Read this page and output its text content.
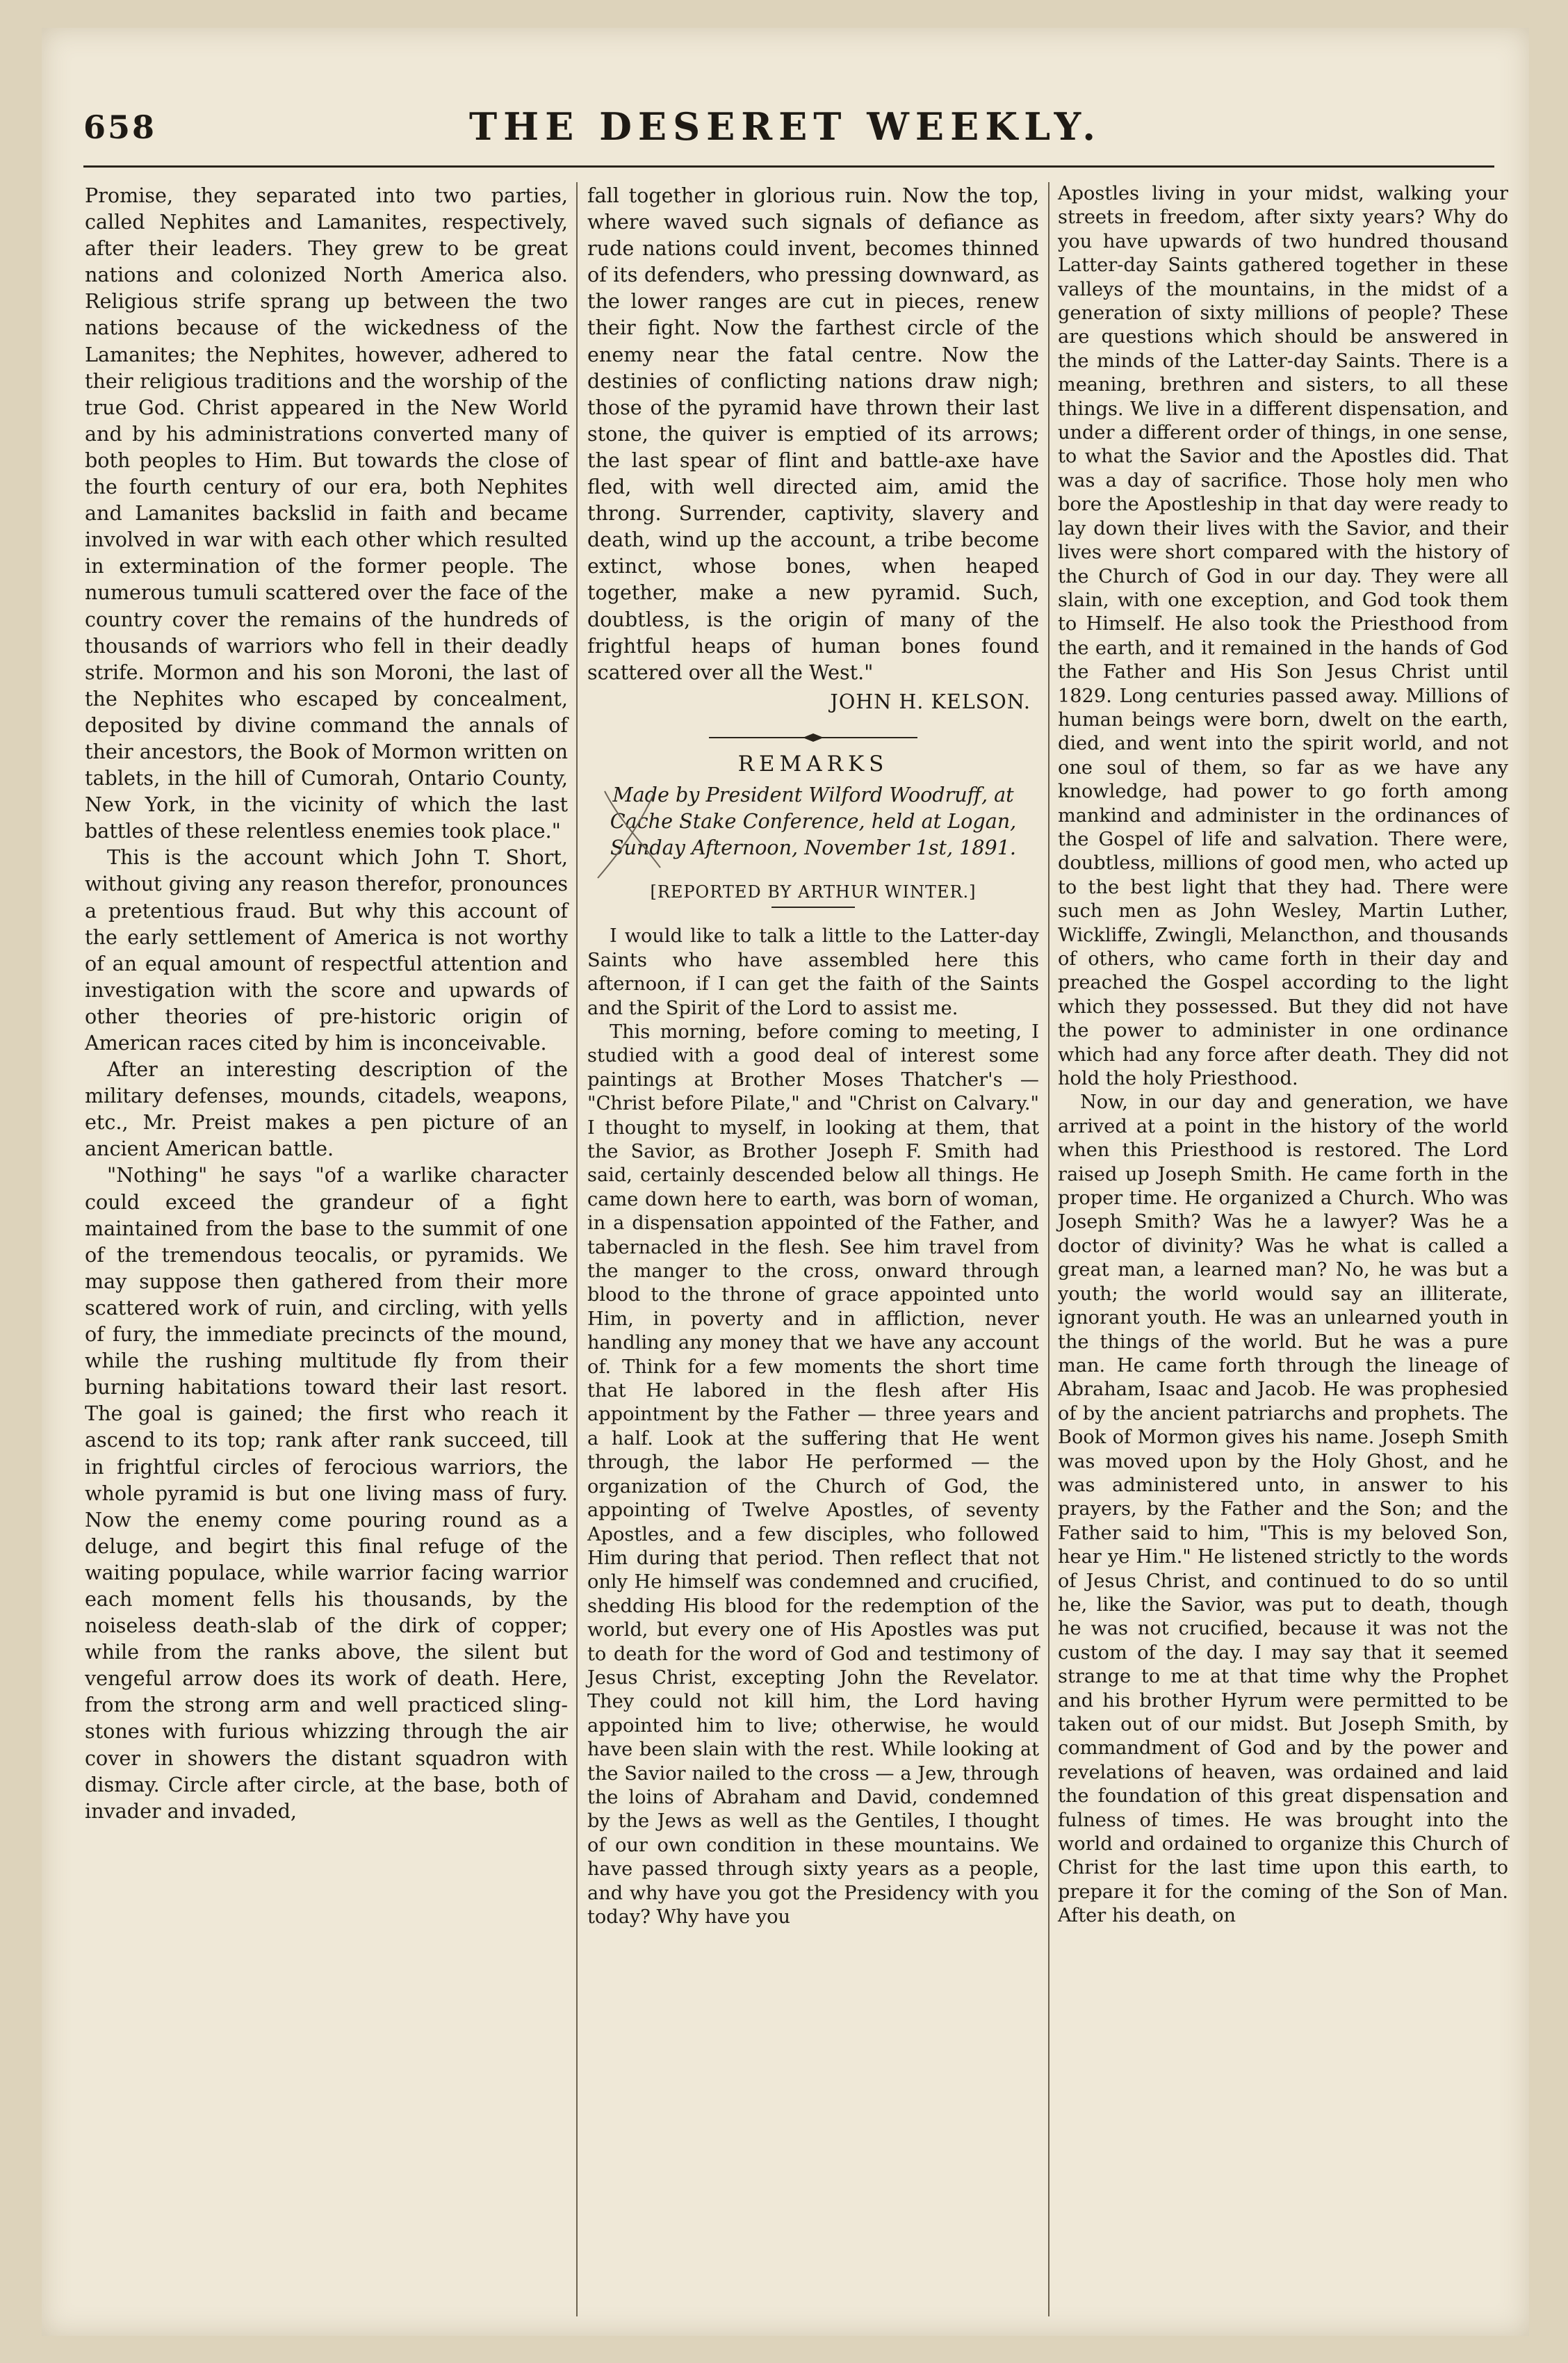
658	THE DESERET WEEKLY.

Promise, they separated into two parties, called Nephites and Lamanites, respectively, after their leaders. They grew to be great nations and colonized North America also. Religious strife sprang up between the two nations because of the wickedness of the Lamanites; the Nephites, however, adhered to their religious traditions and the worship of the true God. Christ appeared in the New World and by his administrations converted many of both peoples to Him. But towards the close of the fourth century of our era, both Nephites and Lamanites backslid in faith and became involved in war with each other which resulted in extermination of the former people. The numerous tumuli scattered over the face of the country cover the remains of the hundreds of thousands of warriors who fell in their deadly strife. Mormon and his son Moroni, the last of the Nephites who escaped by concealment, deposited by divine command the annals of their ancestors, the Book of Mormon written on tablets, in the hill of Cumorah, Ontario County, New York, in the vicinity of which the last battles of these relentless enemies took place."

This is the account which John T. Short, without giving any reason therefor, pronounces a pretentious fraud. But why this account of the early settlement of America is not worthy of an equal amount of respectful attention and investigation with the score and upwards of other theories of pre-historic origin of American races cited by him is inconceivable.

After an interesting description of the military defenses, mounds, citadels, weapons, etc., Mr. Preist makes a pen picture of an ancient American battle.

"Nothing" he says "of a warlike character could exceed the grandeur of a fight maintained from the base to the summit of one of the tremendous teocalis, or pyramids. We may suppose then gathered from their more scattered work of ruin, and circling, with yells of fury, the immediate precincts of the mound, while the rushing multitude fly from their burning habitations toward their last resort. The goal is gained; the first who reach it ascend to its top; rank after rank succeed, till in frightful circles of ferocious warriors, the whole pyramid is but one living mass of fury. Now the enemy come pouring round as a deluge, and begirt this final refuge of the waiting populace, while warrior facing warrior each moment fells his thousands, by the noiseless death-slab of the dirk of copper; while from the ranks above, the silent but vengeful arrow does its work of death. Here, from the strong arm and well practiced sling-stones with furious whizzing through the air cover in showers the distant squadron with dismay. Circle after circle, at the base, both of invader and invaded,

fall together in glorious ruin. Now the top, where waved such signals of defiance as rude nations could invent, becomes thinned of its defenders, who pressing downward, as the lower ranges are cut in pieces, renew their fight. Now the farthest circle of the enemy near the fatal centre. Now the destinies of conflicting nations draw nigh; those of the pyramid have thrown their last stone, the quiver is emptied of its arrows; the last spear of flint and battle-axe have fled, with well directed aim, amid the throng. Surrender, captivity, slavery and death, wind up the account, a tribe become extinct, whose bones, when heaped together, make a new pyramid. Such, doubtless, is the origin of many of the frightful heaps of human bones found scattered over all the West."

JOHN H. KELSON.

REMARKS

Made by President Wilford Woodruff, at Cache Stake Conference, held at Logan, Sunday Afternoon, November 1st, 1891.

[REPORTED BY ARTHUR WINTER.]

I would like to talk a little to the Latter-day Saints who have assembled here this afternoon, if I can get the faith of the Saints and the Spirit of the Lord to assist me.

This morning, before coming to meeting, I studied with a good deal of interest some paintings at Brother Moses Thatcher's — "Christ before Pilate," and "Christ on Calvary." I thought to myself, in looking at them, that the Savior, as Brother Joseph F. Smith had said, certainly descended below all things. He came down here to earth, was born of woman, in a dispensation appointed of the Father, and tabernacled in the flesh. See him travel from the manger to the cross, onward through blood to the throne of grace appointed unto Him, in poverty and in affliction, never handling any money that we have any account of. Think for a few moments the short time that He labored in the flesh after His appointment by the Father — three years and a half. Look at the suffering that He went through, the labor He performed — the organization of the Church of God, the appointing of Twelve Apostles, of seventy Apostles, and a few disciples, who followed Him during that period. Then reflect that not only He himself was condemned and crucified, shedding His blood for the redemption of the world, but every one of His Apostles was put to death for the word of God and testimony of Jesus Christ, excepting John the Revelator. They could not kill him, the Lord having appointed him to live; otherwise, he would have been slain with the rest. While looking at the Savior nailed to the cross — a Jew, through the loins of Abraham and David, condemned by the Jews as well as the Gentiles, I thought of our own condition in these mountains. We have passed through sixty years as a people, and why have you got the Presidency with you today? Why have you

Apostles living in your midst, walking your streets in freedom, after sixty years? Why do you have upwards of two hundred thousand Latter-day Saints gathered together in these valleys of the mountains, in the midst of a generation of sixty millions of people? These are questions which should be answered in the minds of the Latter-day Saints. There is a meaning, brethren and sisters, to all these things. We live in a different dispensation, and under a different order of things, in one sense, to what the Savior and the Apostles did. That was a day of sacrifice. Those holy men who bore the Apostleship in that day were ready to lay down their lives with the Savior, and their lives were short compared with the history of the Church of God in our day. They were all slain, with one exception, and God took them to Himself. He also took the Priesthood from the earth, and it remained in the hands of God the Father and His Son Jesus Christ until 1829. Long centuries passed away. Millions of human beings were born, dwelt on the earth, died, and went into the spirit world, and not one soul of them, so far as we have any knowledge, had power to go forth among mankind and administer in the ordinances of the Gospel of life and salvation. There were, doubtless, millions of good men, who acted up to the best light that they had. There were such men as John Wesley, Martin Luther, Wickliffe, Zwingli, Melancthon, and thousands of others, who came forth in their day and preached the Gospel according to the light which they possessed. But they did not have the power to administer in one ordinance which had any force after death. They did not hold the holy Priesthood.

Now, in our day and generation, we have arrived at a point in the history of the world when this Priesthood is restored. The Lord raised up Joseph Smith. He came forth in the proper time. He organized a Church. Who was Joseph Smith? Was he a lawyer? Was he a doctor of divinity? Was he what is called a great man, a learned man? No, he was but a youth; the world would say an illiterate, ignorant youth. He was an unlearned youth in the things of the world. But he was a pure man. He came forth through the lineage of Abraham, Isaac and Jacob. He was prophesied of by the ancient patriarchs and prophets. The Book of Mormon gives his name. Joseph Smith was moved upon by the Holy Ghost, and he was administered unto, in answer to his prayers, by the Father and the Son; and the Father said to him, "This is my beloved Son, hear ye Him." He listened strictly to the words of Jesus Christ, and continued to do so until he, like the Savior, was put to death, though he was not crucified, because it was not the custom of the day. I may say that it seemed strange to me at that time why the Prophet and his brother Hyrum were permitted to be taken out of our midst. But Joseph Smith, by commandment of God and by the power and revelations of heaven, was ordained and laid the foundation of this great dispensation and fulness of times. He was brought into the world and ordained to organize this Church of Christ for the last time upon this earth, to prepare it for the coming of the Son of Man. After his death, on
